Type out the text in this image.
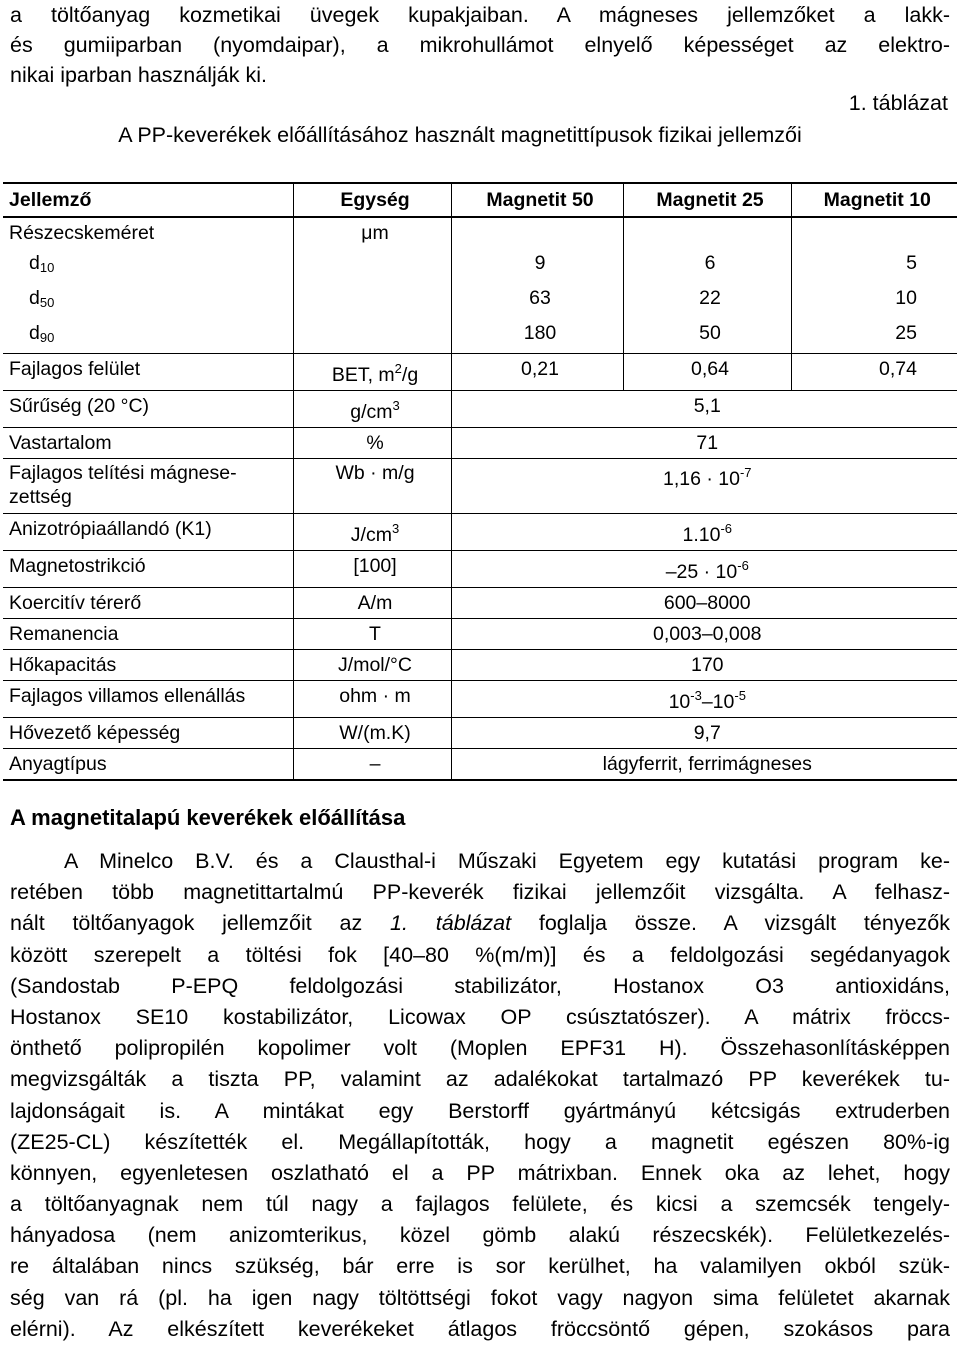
a töltőanyag kozmetikai üvegek kupakjaiban. A mágneses jellemzőket a lakk-
és gumiiparban (nyomdaipar), a mikrohullámot elnyelő képességet az elektro-
nikai iparban használják ki.
1. táblázat
A PP-keverékek előállításához használt magnetittípusok fizikai jellemzői
Jellemző	Egység	Magnetit 50	Magnetit 25	Magnetit 10
Részecskeméret	μm			
$d_{10}$		9	6	5
$d_{50}$		63	22	10
$d_{90}$		180	50	25
Fajlagos felület	BET, $m^2/g$	0,21	0,64	0,74
Sűrűség (20 °C)	$g/cm^3$	5,1		
Vastartalom	%	71		
Fajlagos telítési mágnese-
zettség	Wb · m/g	$1,16 \cdot 10^{-7}$
Anizotrópiaállandó (K1)	$J/cm^3$	$1.10^{-6}$
Magnetostrikció	[100]	$-25 \cdot 10^{-6}$
Koercitív térerő	A/m	600–8000		
Remanencia	T	0,003–0,008		
Hőkapacitás	J/mol/°C	170		
Fajlagos villamos ellenállás	ohm · m	$10^{-3}-10^{-5}$
Hővezető képesség	W/(m.K)	9,7		
Anyagtípus	–	lágyferrit, ferrimágneses		
A magnetitalapú keverékek előállítása
A Minelco B.V. és a Clausthal-i Műszaki Egyetem egy kutatási program ke-
retében több magnetittartalmú PP-keverék fizikai jellemzőit vizsgálta. A felhasz-
nált töltőanyagok jellemzőit az 1. táblázat foglalja össze. A vizsgált tényezők
között szerepelt a töltési fok [40–80 %(m/m)] és a feldolgozási segédanyagok
(Sandostab P-EPQ feldolgozási stabilizátor, Hostanox O3 antioxidáns,
Hostanox SE10 kostabilizátor, Licowax OP csúsztatószer). A mátrix fröccs-
önthető polipropilén kopolimer volt (Moplen EPF31 H). Összehasonlításképpen
megvizsgálták a tiszta PP, valamint az adalékokat tartalmazó PP keverékek tu-
lajdonságait is. A mintákat egy Berstorff gyártmányú kétcsigás extruderben
(ZE25-CL) készítették el. Megállapították, hogy a magnetit egészen 80%-ig
könnyen, egyenletesen oszlatható el a PP mátrixban. Ennek oka az lehet, hogy
a töltőanyagnak nem túl nagy a fajlagos felülete, és kicsi a szemcsék tengely-
hányadosa (nem anizomterikus, közel gömb alakú részecskék). Felületkezelés-
re általában nincs szükség, bár erre is sor kerülhet, ha valamilyen okból szük-
ség van rá (pl. ha igen nagy töltöttségi fokot vagy nagyon sima felületet akarnak
elérni). Az elkészített keverékeket átlagos fröccsöntő gépen, szokásos para
